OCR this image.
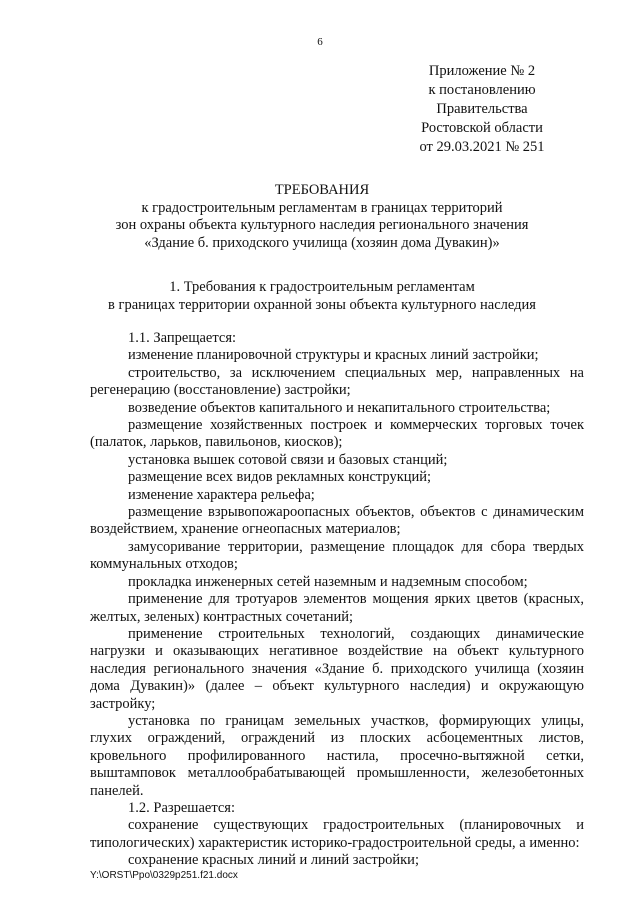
6
Приложение № 2
к постановлению
Правительства
Ростовской области
от 29.03.2021 № 251
ТРЕБОВАНИЯ
к градостроительным регламентам в границах территорий
зон охраны объекта культурного наследия регионального значения
«Здание б. приходского училища (хозяин дома Дувакин)»
1. Требования к градостроительным регламентам
в границах территории охранной зоны объекта культурного наследия

1.1. Запрещается:

изменение планировочной структуры и красных линий застройки;

строительство, за исключением специальных мер, направленных на регенерацию (восстановление) застройки;

возведение объектов капитального и некапитального строительства;

размещение хозяйственных построек и коммерческих торговых точек (палаток, ларьков, павильонов, киосков);

установка вышек сотовой связи и базовых станций;

размещение всех видов рекламных конструкций;

изменение характера рельефа;

размещение взрывопожароопасных объектов, объектов с динамическим воздействием, хранение огнеопасных материалов;

замусоривание территории, размещение площадок для сбора твердых коммунальных отходов;

прокладка инженерных сетей наземным и надземным способом;

применение для тротуаров элементов мощения ярких цветов (красных, желтых, зеленых) контрастных сочетаний;

применение строительных технологий, создающих динамические нагрузки и оказывающих негативное воздействие на объект культурного наследия регионального значения «Здание б. приходского училища (хозяин дома Дувакин)» (далее – объект культурного наследия) и окружающую застройку;

установка по границам земельных участков, формирующих улицы, глухих ограждений, ограждений из плоских асбоцементных листов, кровельного профилированного настила, просечно-вытяжной сетки, выштамповок металлообрабатывающей промышленности, железобетонных панелей.

1.2. Разрешается:

сохранение существующих градостроительных (планировочных и типологических) характеристик историко-градостроительной среды, а именно:

сохранение красных линий и линий застройки;

Y:\ORST\Ppo\0329p251.f21.docx
